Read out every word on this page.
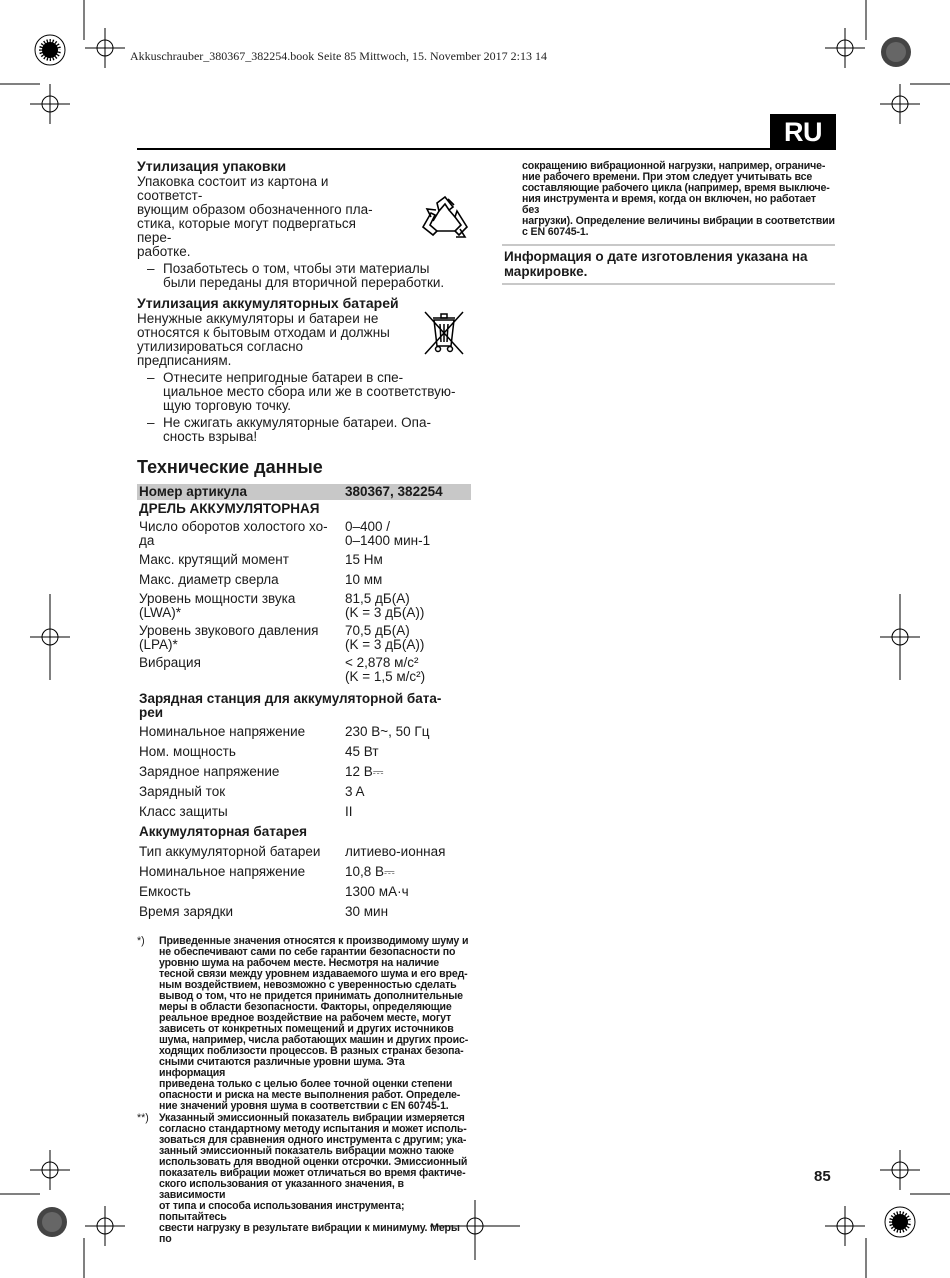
Akkuschrauber_380367_382254.book Seite 85 Mittwoch, 15. November 2017 2:13 14
RU
Утилизация упаковки

Упаковка состоит из картона и соответст-

вующим образом обозначенного пла-

стика, которые могут подвергаться пере-

работке.

– Позаботьтесь о том, чтобы эти материалы
были переданы для вторичной переработки.
Утилизация аккумуляторных батарей

Ненужные аккумуляторы и батареи не

относятся к бытовым отходам и должны

утилизироваться согласно предписаниям.

– Отнесите непригодные батареи в спе-
циальное место сбора или же в соответствую-
щую торговую точку.
– Не сжигать аккумуляторные батареи. Опа-
сность взрыва!
Технические данные
Номер артикула	380367, 382254
ДРЕЛЬ АККУМУЛЯТОРНАЯ	

Число оборотов холостого хо-
да	0–400 /
0–1400 мин-1

Макс. крутящий момент	15 Нм
Макс. диаметр сверла	10 мм

Уровень мощности звука
(LWA)*	81,5 дБ(A)
(K = 3 дБ(A))

Уровень звукового давления
(LPA)*	70,5 дБ(A)
(K = 3 дБ(A))

Вибрация	< 2,878 м/с²
(K = 1,5 м/с²)

Зарядная станция для аккумуляторной бата-
реи	

Номинальное напряжение	230 В~, 50 Гц
Ном. мощность	45 Вт
Зарядное напряжение	12 В⎓
Зарядный ток	3 A
Класс защиты	II
Аккумуляторная батарея	
Тип аккумуляторной батареи	литиево-ионная
Номинальное напряжение	10,8 В⎓
Емкость	1300 мА·ч
Время зарядки	30 мин
*)	Приведенные значения относятся к производимому шуму и
не обеспечивают сами по себе гарантии безопасности по
уровню шума на рабочем месте. Несмотря на наличие
тесной связи между уровнем издаваемого шума и его вред-
ным воздействием, невозможно с уверенностью сделать
вывод о том, что не придется принимать дополнительные
меры в области безопасности. Факторы, определяющие
реальное вредное воздействие на рабочем месте, могут
зависеть от конкретных помещений и других источников
шума, например, числа работающих машин и других проис-
ходящих поблизости процессов. В разных странах безопа-
сными считаются различные уровни шума. Эта информация
приведена только с целью более точной оценки степени
опасности и риска на месте выполнения работ. Определе-
ние значений уровня шума в соответствии с EN 60745-1.
**) Указанный эмиссионный показатель вибрации измеряется
согласно стандартному методу испытания и может исполь-
зоваться для сравнения одного инструмента с другим; ука-
занный эмиссионный показатель вибрации можно также
использовать для вводной оценки отсрочки. Эмиссионный
показатель вибрации может отличаться во время фактиче-
ского использования от указанного значения, в зависимости
от типа и способа использования инструмента; попытайтесь
свести нагрузку в результате вибрации к минимуму. Меры по
сокращению вибрационной нагрузки, например, ограниче-
ние рабочего времени. При этом следует учитывать все
составляющие рабочего цикла (например, время выключе-
ния инструмента и время, когда он включен, но работает без
нагрузки). Определение величины вибрации в соответствии
с EN 60745-1.
Информация о дате изготовления указана на
маркировке.
85
